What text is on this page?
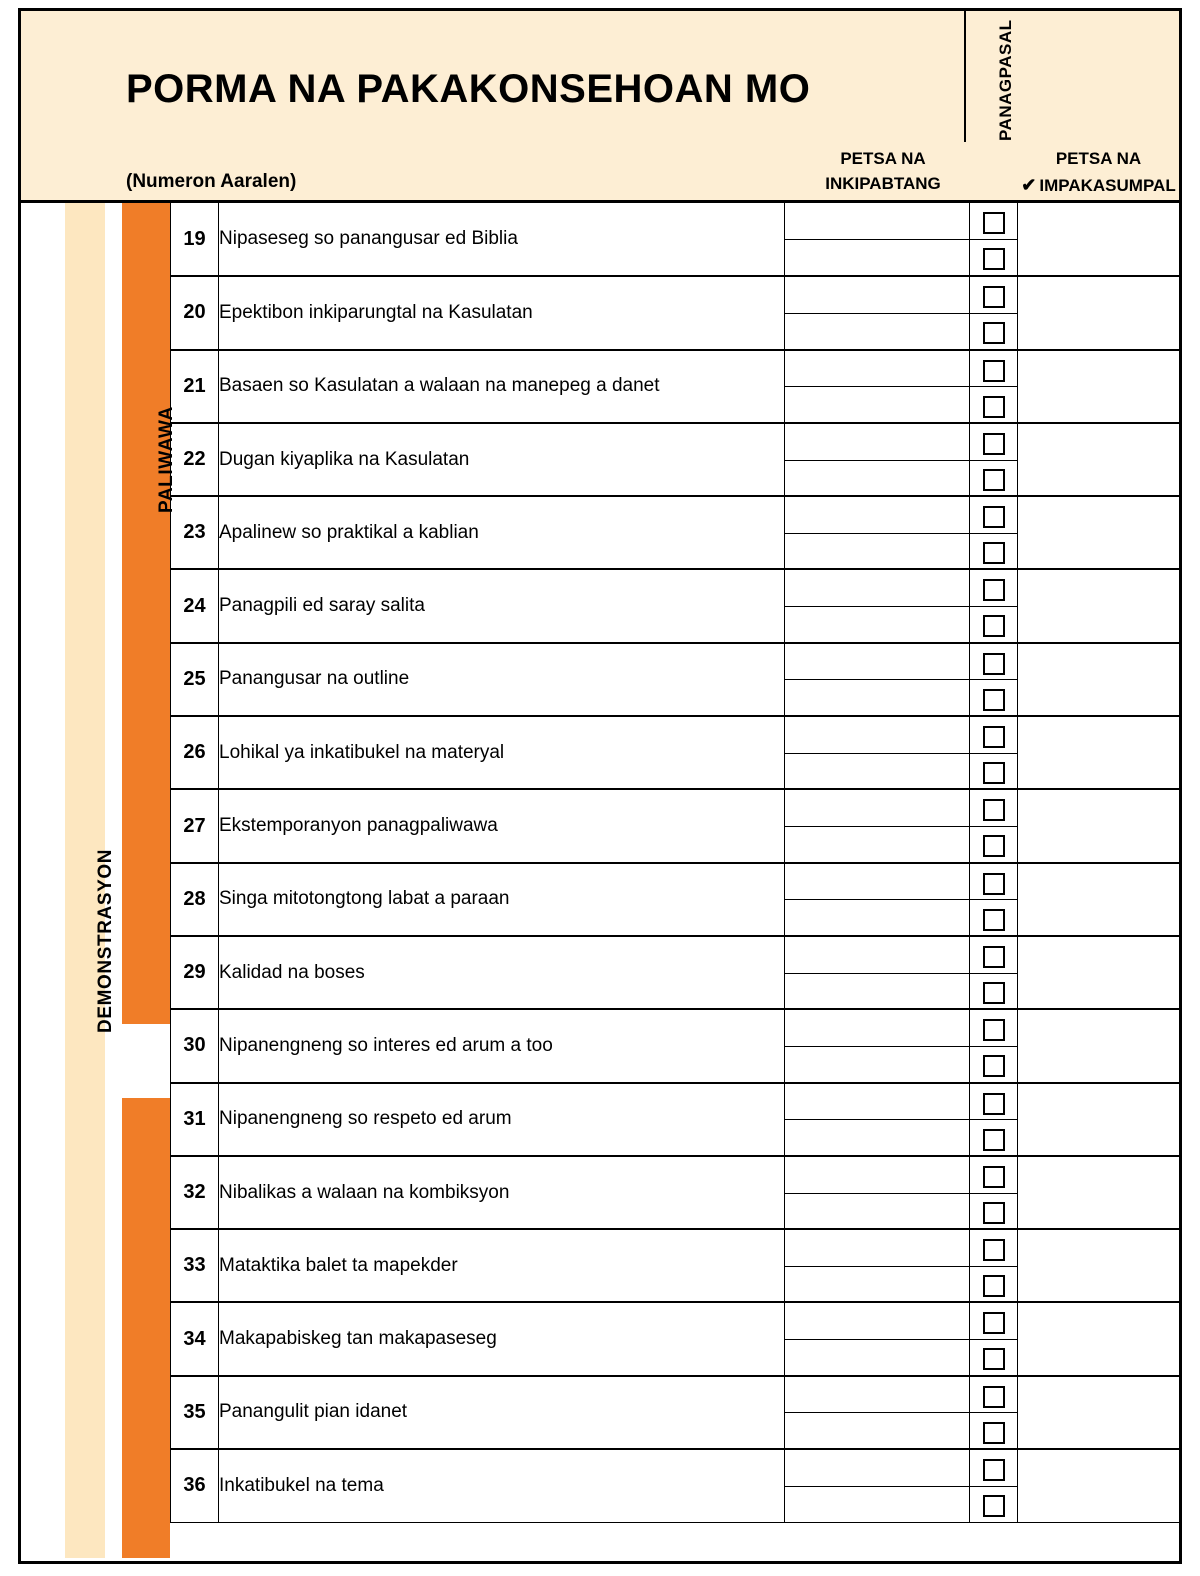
PORMA NA PAKAKONSEHOAN MO
(Numeron Aaralen)
PETSA NA
INKIPABTANG
PANAGPASAL
PETSA NA
✔ IMPAKASUMPAL
DEMONSTRASYON
PALIWAWA
19	Nipaseseg so panangusar ed Biblia	

20	Epektibon inkiparungtal na Kasulatan	

21	Basaen so Kasulatan a walaan na manepeg a danet	

22	Dugan kiyaplika na Kasulatan	

23	Apalinew so praktikal a kablian	

24	Panagpili ed saray salita	

25	Panangusar na outline	

26	Lohikal ya inkatibukel na materyal	

27	Ekstemporanyon panagpaliwawa	

28	Singa mitotongtong labat a paraan	

29	Kalidad na boses	

30	Nipanengneng so interes ed arum a too	

31	Nipanengneng so respeto ed arum	

32	Nibalikas a walaan na kombiksyon	

33	Mataktika balet ta mapekder	

34	Makapabiskeg tan makapaseseg	

35	Panangulit pian idanet	

36	Inkatibukel na tema	
